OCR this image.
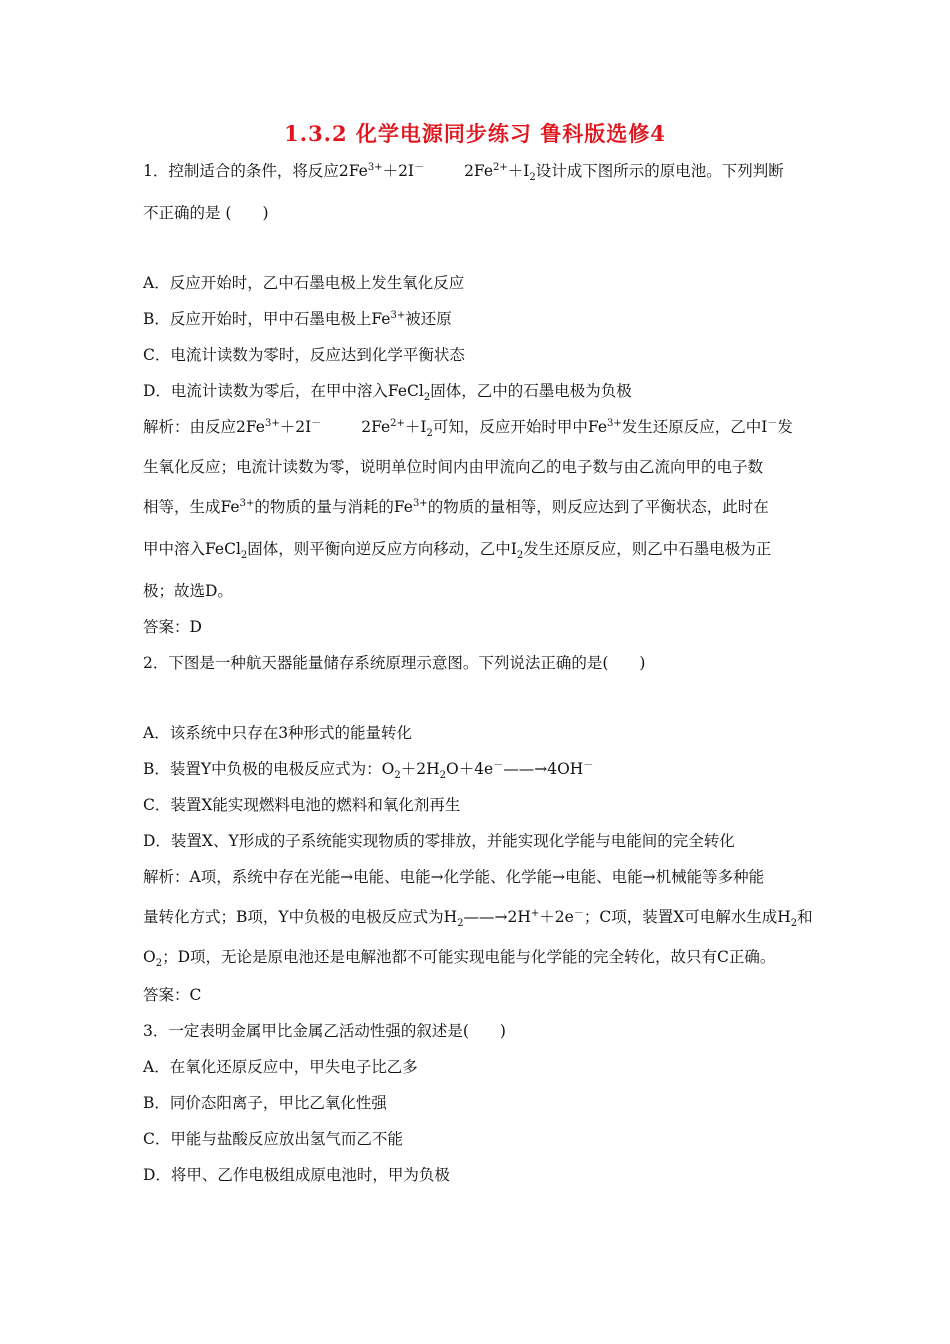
1.3.2 化学电源同步练习 鲁科版选修4
1．控制适合的条件，将反应$2Fe^{3+}+2I^-$	$2Fe^{2+}+I_2$设计成下图所示的原电池。下列判断
不正确的是 (　　)
A．反应开始时，乙中石墨电极上发生氧化反应
B．反应开始时，甲中石墨电极上$Fe^{3+}$被还原
C．电流计读数为零时，反应达到化学平衡状态
D．电流计读数为零后，在甲中溶入FeCl$_2$固体，乙中的石墨电极为负极
解析：由反应$2Fe^{3+}+2I^-$	$2Fe^{2+}+I_2$可知，反应开始时甲中$Fe^{3+}$发生还原反应，乙中I－发
生氧化反应；电流计读数为零，说明单位时间内由甲流向乙的电子数与由乙流向甲的电子数
相等，生成$Fe^{3+}$的物质的量与消耗的$Fe^{3+}$的物质的量相等，则反应达到了平衡状态，此时在
甲中溶入FeCl$_2$固体，则平衡向逆反应方向移动，乙中$I_2$发生还原反应，则乙中石墨电极为正
极；故选D。
答案：D
2．下图是一种航天器能量储存系统原理示意图。下列说法正确的是(　　)
A．该系统中只存在3种形式的能量转化
B．装置Y中负极的电极反应式为：$O_2+2H_2O+4e^-——\to 4OH^-$
C．装置X能实现燃料电池的燃料和氧化剂再生
D．装置X、Y形成的子系统能实现物质的零排放，并能实现化学能与电能间的完全转化
解析：A项，系统中存在光能→电能、电能→化学能、化学能→电能、电能→机械能等多种能
量转化方式；B项，Y中负极的电极反应式为$H_2——\to 2H^++2e^-$；C项，装置X可电解水生成$H_2$和
$O_2$；D项，无论是原电池还是电解池都不可能实现电能与化学能的完全转化，故只有C正确。
答案：C
3．一定表明金属甲比金属乙活动性强的叙述是(　　)
A．在氧化还原反应中，甲失电子比乙多
B．同价态阳离子，甲比乙氧化性强
C．甲能与盐酸反应放出氢气而乙不能
D．将甲、乙作电极组成原电池时，甲为负极
